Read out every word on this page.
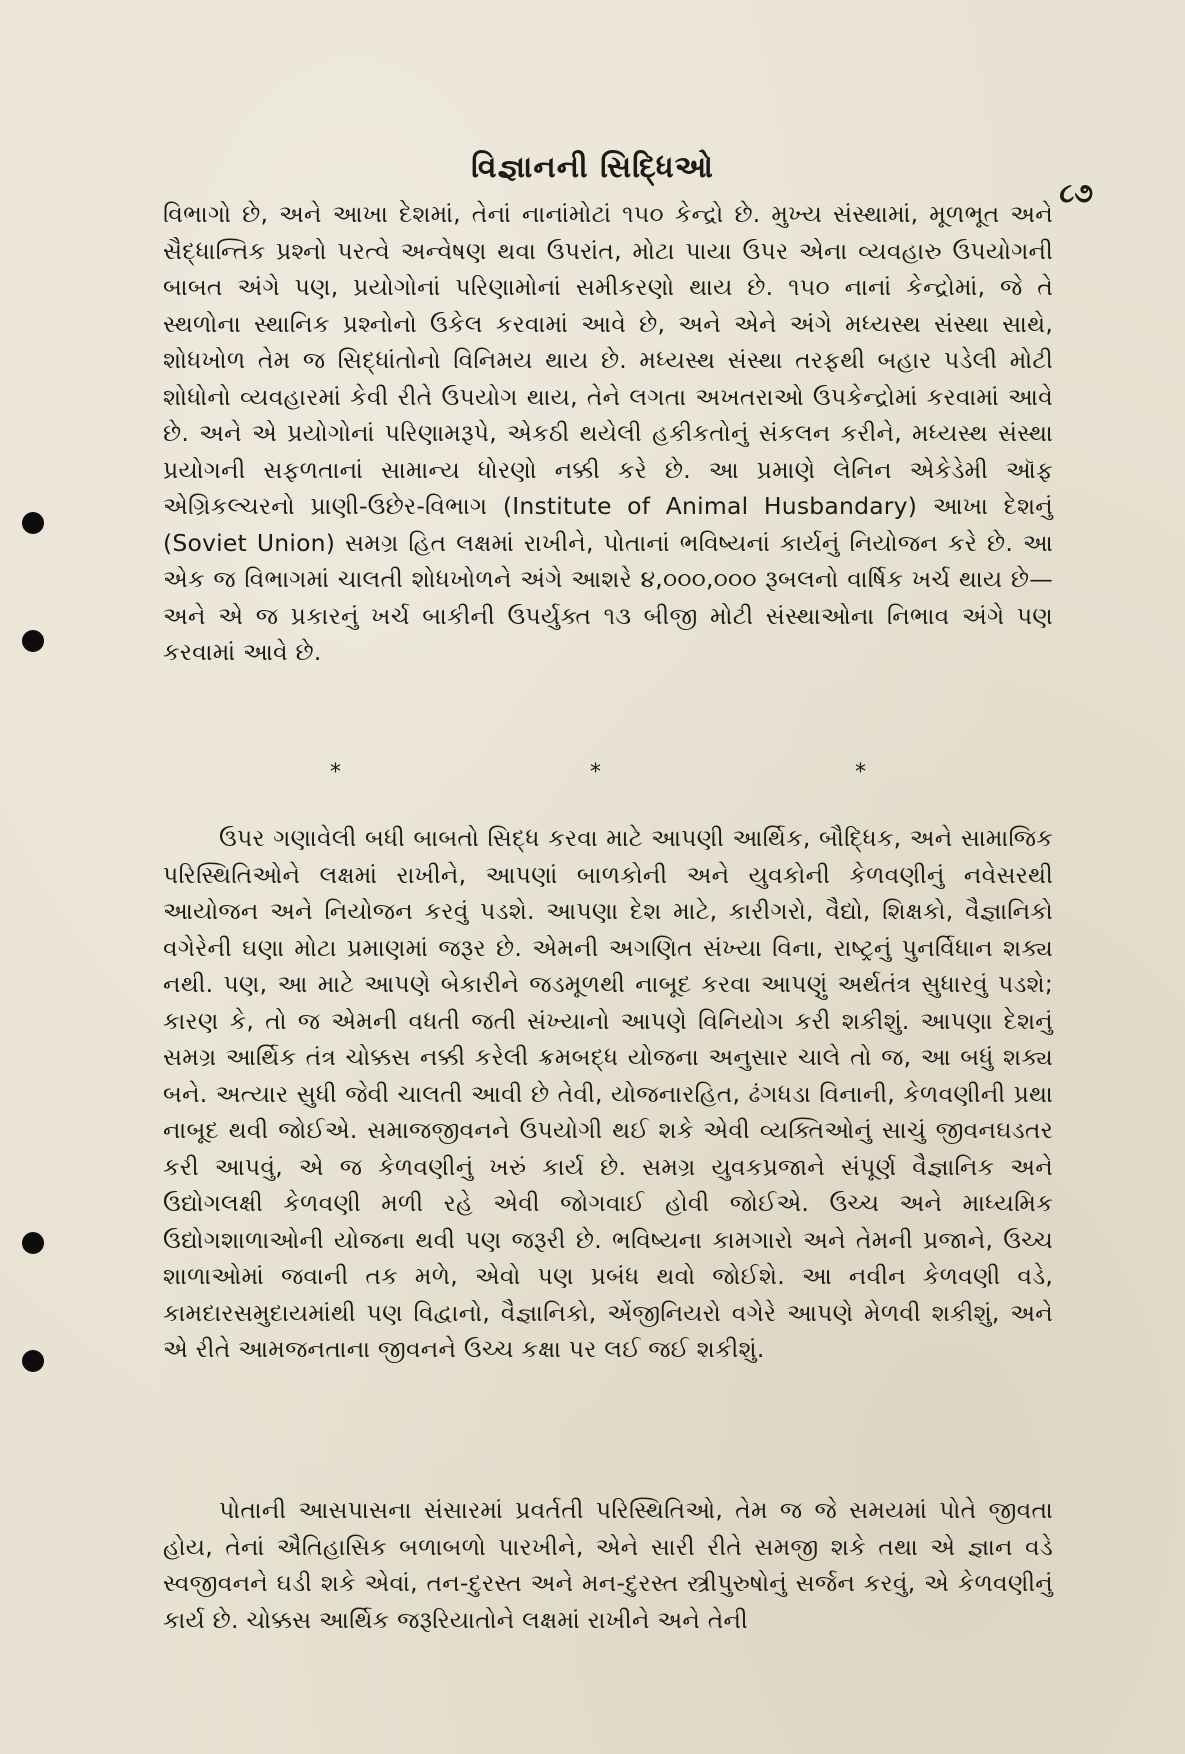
વિજ્ઞાનની સિદ્ધિઓ
૮૭

વિભાગો છે, અને આખા દેશમાં, તેનાં નાનાંમોટાં ૧૫૦ કેન્દ્રો છે. મુખ્ય સંસ્થામાં, મૂળભૂત અને સૈદ્ધાન્તિક પ્રશ્નો પરત્વે અન્વેષણ થવા ઉપરાંત, મોટા પાયા ઉપર એના વ્યવહારુ ઉપયોગની બાબત અંગે પણ, પ્રયોગોનાં પરિણામોનાં સમીકરણો થાય છે. ૧૫૦ નાનાં કેન્દ્રોમાં, જે તે સ્થળોના સ્થાનિક પ્રશ્નોનો ઉકેલ કરવામાં આવે છે, અને એને અંગે મધ્યસ્થ સંસ્થા સાથે, શોધખોળ તેમ જ સિદ્ધાંતોનો વિનિમય થાય છે. મધ્યસ્થ સંસ્થા તરફથી બહાર પડેલી મોટી શોધોનો વ્યવહારમાં કેવી રીતે ઉપયોગ થાય, તેને લગતા અખતરાઓ ઉપકેન્દ્રોમાં કરવામાં આવે છે. અને એ પ્રયોગોનાં પરિણામરૂપે, એકઠી થયેલી હકીકતોનું સંકલન કરીને, મધ્યસ્થ સંસ્થા પ્રયોગની સફળતાનાં સામાન્ય ધોરણો નક્કી કરે છે. આ પ્રમાણે લેનિન એકેડેમી ઑફ એગ્રિકલ્ચરનો પ્રાણી-ઉછેર-વિભાગ (Institute of Animal Husbandary) આખા દેશનું (Soviet Union) સમગ્ર હિત લક્ષમાં રાખીને, પોતાનાં ભવિષ્યનાં કાર્યનું નિયોજન કરે છે. આ એક જ વિભાગમાં ચાલતી શોધખોળને અંગે આશરે ૪,૦૦૦,૦૦૦ રૂબલનો વાર્ષિક ખર્ચ થાય છે—અને એ જ પ્રકારનું ખર્ચ બાકીની ઉપર્યુક્ત ૧૩ બીજી મોટી સંસ્થાઓના નિભાવ અંગે પણ કરવામાં આવે છે.

*	*	*

ઉપર ગણાવેલી બધી બાબતો સિદ્ધ કરવા માટે આપણી આર્થિક, બૌદ્ધિક, અને સામાજિક પરિસ્થિતિઓને લક્ષમાં રાખીને, આપણાં બાળકોની અને યુવકોની કેળવણીનું નવેસરથી આયોજન અને નિયોજન કરવું પડશે. આપણા દેશ માટે, કારીગરો, વૈદ્યો, શિક્ષકો, વૈજ્ઞાનિકો વગેરેની ઘણા મોટા પ્રમાણમાં જરૂર છે. એમની અગણિત સંખ્યા વિના, રાષ્ટ્રનું પુનર્વિધાન શક્ય નથી. પણ, આ માટે આપણે બેકારીને જડમૂળથી નાબૂદ કરવા આપણું અર્થતંત્ર સુધારવું પડશે; કારણ કે, તો જ એમની વધતી જતી સંખ્યાનો આપણે વિનિયોગ કરી શકીશું. આપણા દેશનું સમગ્ર આર્થિક તંત્ર ચોક્કસ નક્કી કરેલી ક્રમબદ્ધ યોજના અનુસાર ચાલે તો જ, આ બધું શક્ય બને. અત્યાર સુધી જેવી ચાલતી આવી છે તેવી, યોજનારહિત, ઢંગધડા વિનાની, કેળવણીની પ્રથા નાબૂદ થવી જોઈએ. સમાજજીવનને ઉપયોગી થઈ શકે એવી વ્યક્તિઓનું સાચું જીવનઘડતર કરી આપવું, એ જ કેળવણીનું ખરું કાર્ય છે. સમગ્ર યુવકપ્રજાને સંપૂર્ણ વૈજ્ઞાનિક અને ઉદ્યોગલક્ષી કેળવણી મળી રહે એવી જોગવાઈ હોવી જોઈએ. ઉચ્ચ અને માધ્યમિક ઉદ્યોગશાળાઓની યોજના થવી પણ જરૂરી છે. ભવિષ્યના કામગારો અને તેમની પ્રજાને, ઉચ્ચ શાળાઓમાં જવાની તક મળે, એવો પણ પ્રબંધ થવો જોઈશે. આ નવીન કેળવણી વડે, કામદારસમુદાયમાંથી પણ વિદ્વાનો, વૈજ્ઞાનિકો, એંજીનિયરો વગેરે આપણે મેળવી શકીશું, અને એ રીતે આમજનતાના જીવનને ઉચ્ચ કક્ષા પર લઈ જઈ શકીશું.

પોતાની આસપાસના સંસારમાં પ્રવર્તતી પરિસ્થિતિઓ, તેમ જ જે સમયમાં પોતે જીવતા હોય, તેનાં ઐતિહાસિક બળાબળો પારખીને, એને સારી રીતે સમજી શકે તથા એ જ્ઞાન વડે સ્વજીવનને ઘડી શકે એવાં, તન-દુરસ્ત અને મન-દુરસ્ત સ્ત્રીપુરુષોનું સર્જન કરવું, એ કેળવણીનું કાર્ય છે. ચોક્કસ આર્થિક જરૂરિયાતોને લક્ષમાં રાખીને અને તેની
